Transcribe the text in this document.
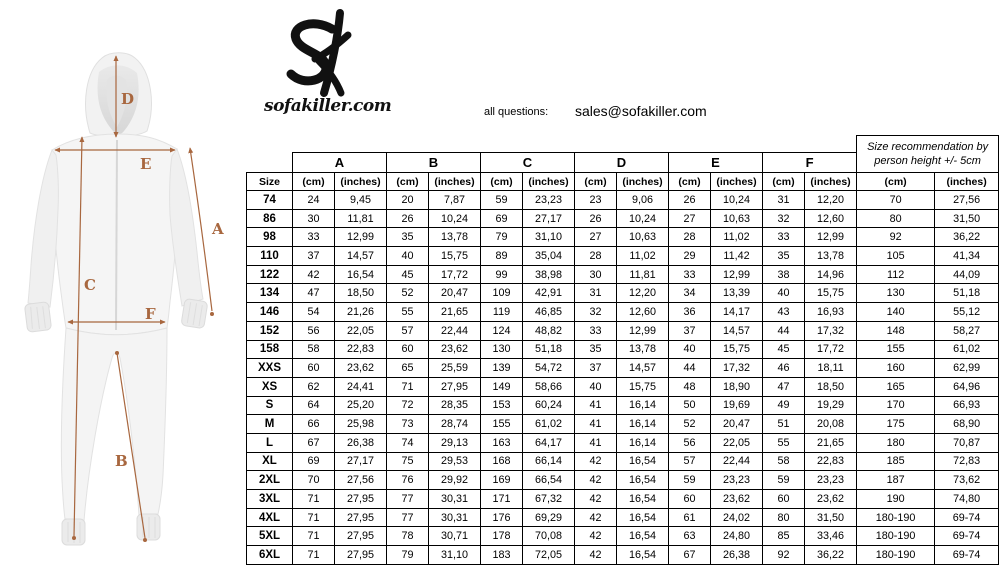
D
E
A
C
F
B
sofakiller.com	all questions: sales@sofakiller.com
													Size recommendation by
person height +/- 5cm	
	A		B		C		D		E		F			
Size	(cm)	(inches)	(cm)	(inches)	(cm)	(inches)	(cm)	(inches)	(cm)	(inches)	(cm)	(inches)	(cm)	(inches)
74	24	9,45	20	7,87	59	23,23	23	9,06	26	10,24	31	12,20	70	27,56
86	30	11,81	26	10,24	69	27,17	26	10,24	27	10,63	32	12,60	80	31,50
98	33	12,99	35	13,78	79	31,10	27	10,63	28	11,02	33	12,99	92	36,22
110	37	14,57	40	15,75	89	35,04	28	11,02	29	11,42	35	13,78	105	41,34
122	42	16,54	45	17,72	99	38,98	30	11,81	33	12,99	38	14,96	112	44,09
134	47	18,50	52	20,47	109	42,91	31	12,20	34	13,39	40	15,75	130	51,18
146	54	21,26	55	21,65	119	46,85	32	12,60	36	14,17	43	16,93	140	55,12
152	56	22,05	57	22,44	124	48,82	33	12,99	37	14,57	44	17,32	148	58,27
158	58	22,83	60	23,62	130	51,18	35	13,78	40	15,75	45	17,72	155	61,02
XXS	60	23,62	65	25,59	139	54,72	37	14,57	44	17,32	46	18,11	160	62,99
XS	62	24,41	71	27,95	149	58,66	40	15,75	48	18,90	47	18,50	165	64,96
S	64	25,20	72	28,35	153	60,24	41	16,14	50	19,69	49	19,29	170	66,93
M	66	25,98	73	28,74	155	61,02	41	16,14	52	20,47	51	20,08	175	68,90
L	67	26,38	74	29,13	163	64,17	41	16,14	56	22,05	55	21,65	180	70,87
XL	69	27,17	75	29,53	168	66,14	42	16,54	57	22,44	58	22,83	185	72,83
2XL	70	27,56	76	29,92	169	66,54	42	16,54	59	23,23	59	23,23	187	73,62
3XL	71	27,95	77	30,31	171	67,32	42	16,54	60	23,62	60	23,62	190	74,80
4XL	71	27,95	77	30,31	176	69,29	42	16,54	61	24,02	80	31,50	180-190	69-74
5XL	71	27,95	78	30,71	178	70,08	42	16,54	63	24,80	85	33,46	180-190	69-74
6XL	71	27,95	79	31,10	183	72,05	42	16,54	67	26,38	92	36,22	180-190	69-74
